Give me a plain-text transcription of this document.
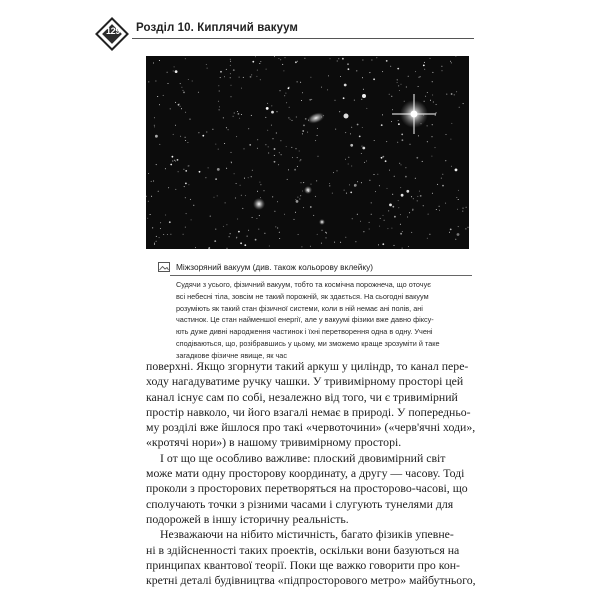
129	Розділ 10. Киплячий вакуум
Міжзоряний вакуум (див. також кольорову вклейку)
Судячи з усього, фізичний вакуум, тобто та космічна порожнеча, що оточує
всі небесні тіла, зовсім не такий порожній, як здається. На сьогодні вакуум
розуміють як такий стан фізичної системи, коли в ній немає ані полів, ані
частинок. Це стан найменшої енергії, але у вакуумі фізики вже давно фіксу-
ють дуже дивні народження частинок і їхні перетворення одна в одну. Учені
сподіваються, що, розібравшись у цьому, ми зможемо краще зрозуміти й таке
загадкове фізичне явище, як час
поверхні. Якщо згорнути такий аркуш у циліндр, то канал пере-
ходу нагадуватиме ручку чашки. У тривимірному просторі цей
канал існує сам по собі, незалежно від того, чи є тривимірний
простір навколо, чи його взагалі немає в природі. У попередньо-
му розділі вже йшлося про такі «червоточини» («черв'ячні ходи»,
«кротячі нори») в нашому тривимірному просторі.
І от що ще особливо важливе: плоский двовимірний світ
може мати одну просторову координату, а другу — часову. Тоді
проколи з просторових перетворяться на просторово-часові, що
сполучають точки з різними часами і слугують тунелями для
подорожей в іншу історичну реальність.
Незважаючи на нібито містичність, багато фізиків упевне-
ні в здійсненності таких проектів, оскільки вони базуються на
принципах квантової теорії. Поки ще важко говорити про кон-
кретні деталі будівництва «підпросторового метро» майбутнього,
